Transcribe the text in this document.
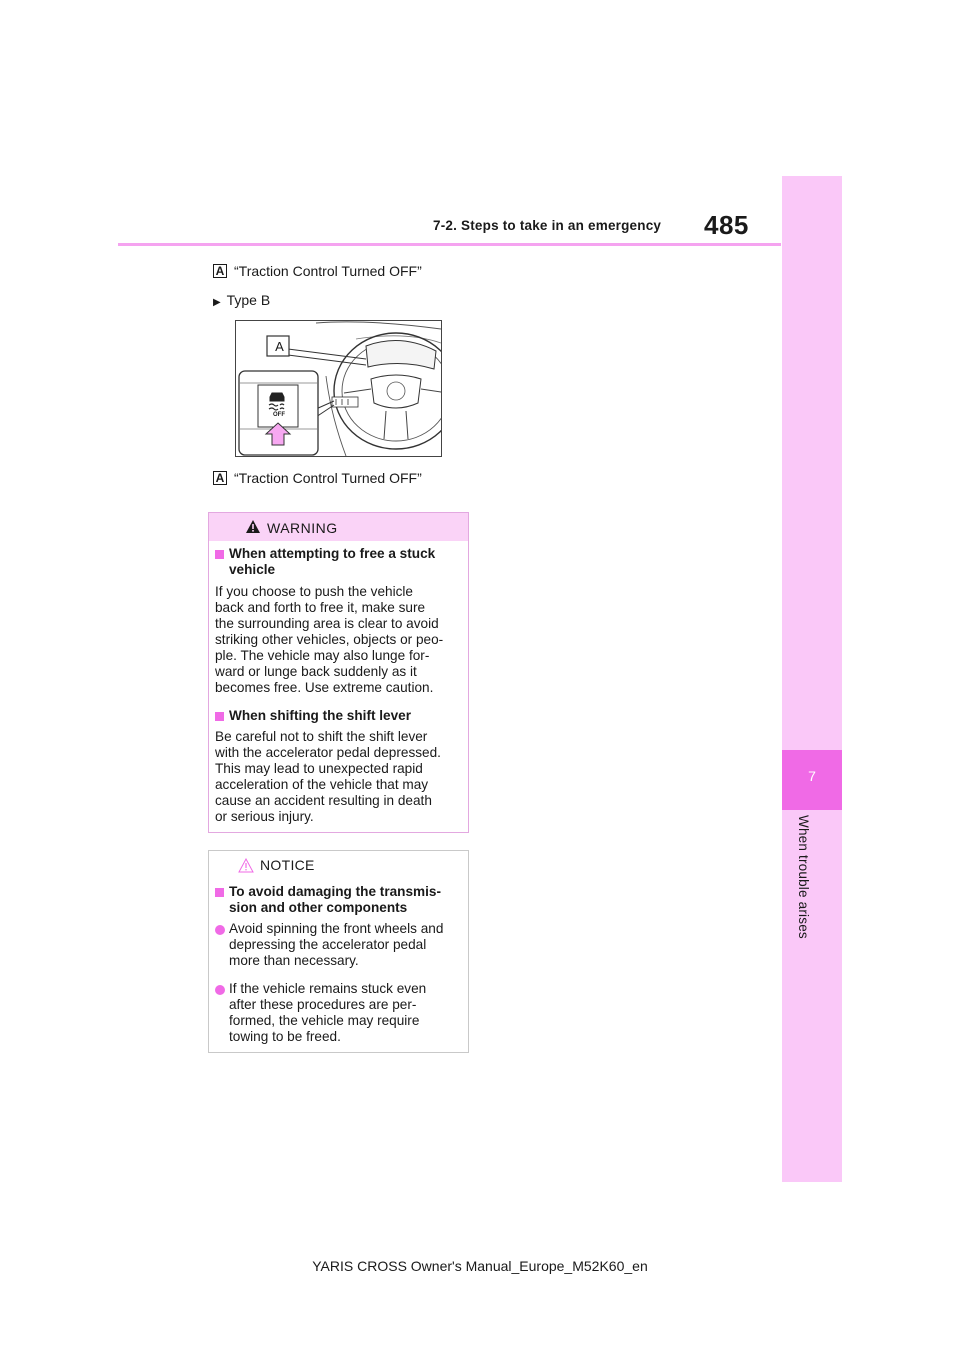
7-2. Steps to take in an emergency 485
7
When trouble arises
A “Traction Control Turned OFF”
▶ Type B
A
OFF
A “Traction Control Turned OFF”
WARNING
When attempting to free a stuck
vehicle
If you choose to push the vehicle
back and forth to free it, make sure
the surrounding area is clear to avoid
striking other vehicles, objects or peo-
ple. The vehicle may also lunge for-
ward or lunge back suddenly as it
becomes free. Use extreme caution.
When shifting the shift lever
Be careful not to shift the shift lever
with the accelerator pedal depressed.
This may lead to unexpected rapid
acceleration of the vehicle that may
cause an accident resulting in death
or serious injury.
NOTICE
To avoid damaging the transmis-
sion and other components
Avoid spinning the front wheels and
depressing the accelerator pedal
more than necessary.
If the vehicle remains stuck even
after these procedures are per-
formed, the vehicle may require
towing to be freed.
YARIS CROSS Owner's Manual_Europe_M52K60_en
